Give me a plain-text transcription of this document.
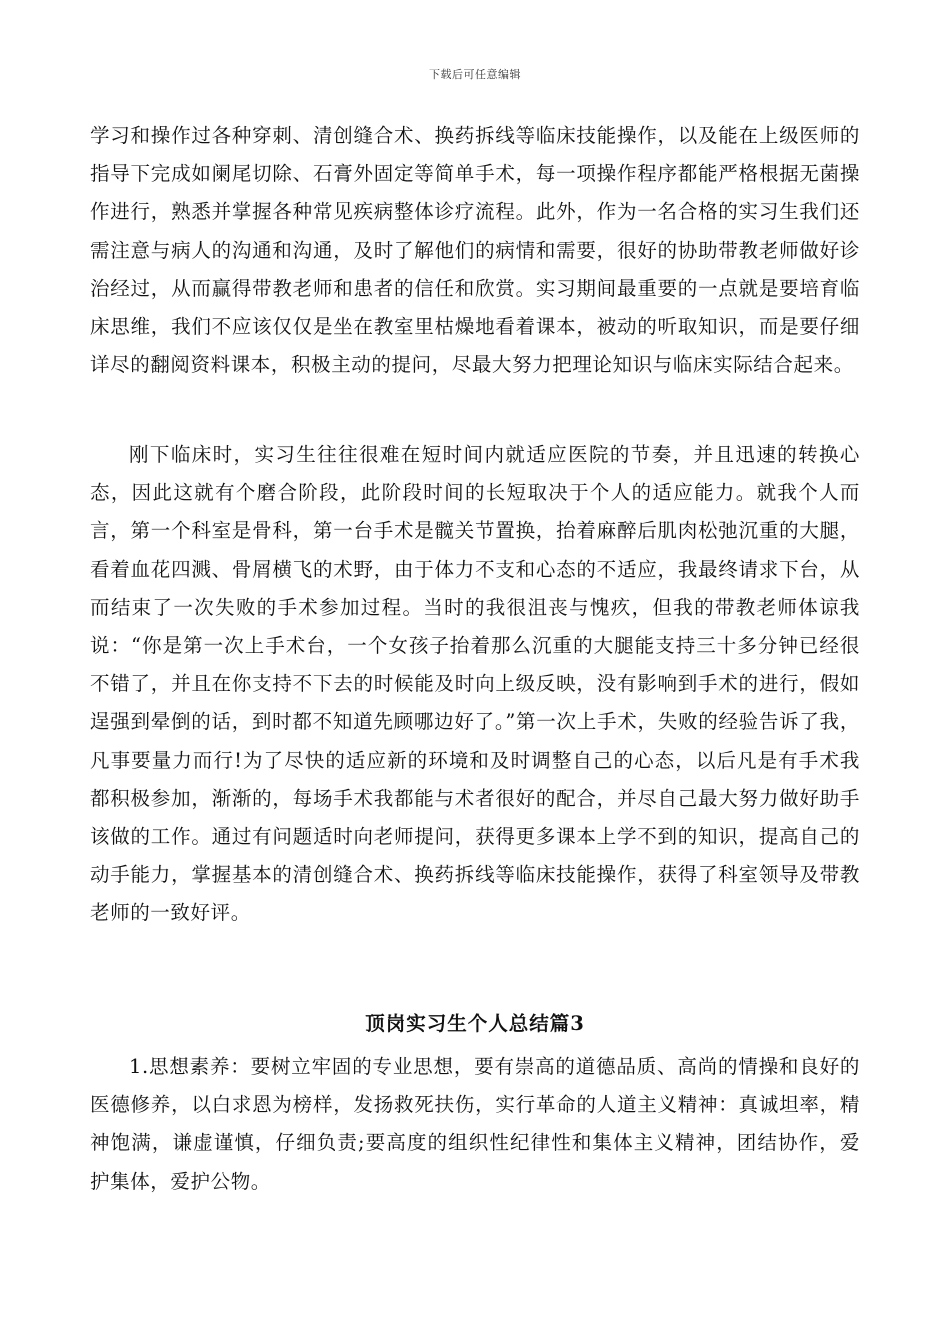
下载后可任意编辑

学习和操作过各种穿刺、清创缝合术、换药拆线等临床技能操作，以及能在上级医师的指导下完成如阑尾切除、石膏外固定等简单手术，每一项操作程序都能严格根据无菌操作进行，熟悉并掌握各种常见疾病整体诊疗流程。此外，作为一名合格的实习生我们还需注意与病人的沟通和沟通，及时了解他们的病情和需要，很好的协助带教老师做好诊治经过，从而赢得带教老师和患者的信任和欣赏。实习期间最重要的一点就是要培育临床思维，我们不应该仅仅是坐在教室里枯燥地看着课本，被动的听取知识，而是要仔细详尽的翻阅资料课本，积极主动的提问，尽最大努力把理论知识与临床实际结合起来。

刚下临床时，实习生往往很难在短时间内就适应医院的节奏，并且迅速的转换心态，因此这就有个磨合阶段，此阶段时间的长短取决于个人的适应能力。就我个人而言，第一个科室是骨科，第一台手术是髋关节置换，抬着麻醉后肌肉松弛沉重的大腿，看着血花四溅、骨屑横飞的术野，由于体力不支和心态的不适应，我最终请求下台，从而结束了一次失败的手术参加过程。当时的我很沮丧与愧疚，但我的带教老师体谅我说：“你是第一次上手术台，一个女孩子抬着那么沉重的大腿能支持三十多分钟已经很不错了，并且在你支持不下去的时候能及时向上级反映，没有影响到手术的进行，假如逞强到晕倒的话，到时都不知道先顾哪边好了。”第一次上手术，失败的经验告诉了我，凡事要量力而行!为了尽快的适应新的环境和及时调整自己的心态，以后凡是有手术我都积极参加，渐渐的，每场手术我都能与术者很好的配合，并尽自己最大努力做好助手该做的工作。通过有问题适时向老师提问，获得更多课本上学不到的知识，提高自己的动手能力，掌握基本的清创缝合术、换药拆线等临床技能操作，获得了科室领导及带教老师的一致好评。

顶岗实习生个人总结篇3

1.思想素养：要树立牢固的专业思想，要有崇高的道德品质、高尚的情操和良好的医德修养，以白求恩为榜样，发扬救死扶伤，实行革命的人道主义精神：真诚坦率，精神饱满，谦虚谨慎，仔细负责;要高度的组织性纪律性和集体主义精神，团结协作，爱护集体，爱护公物。
